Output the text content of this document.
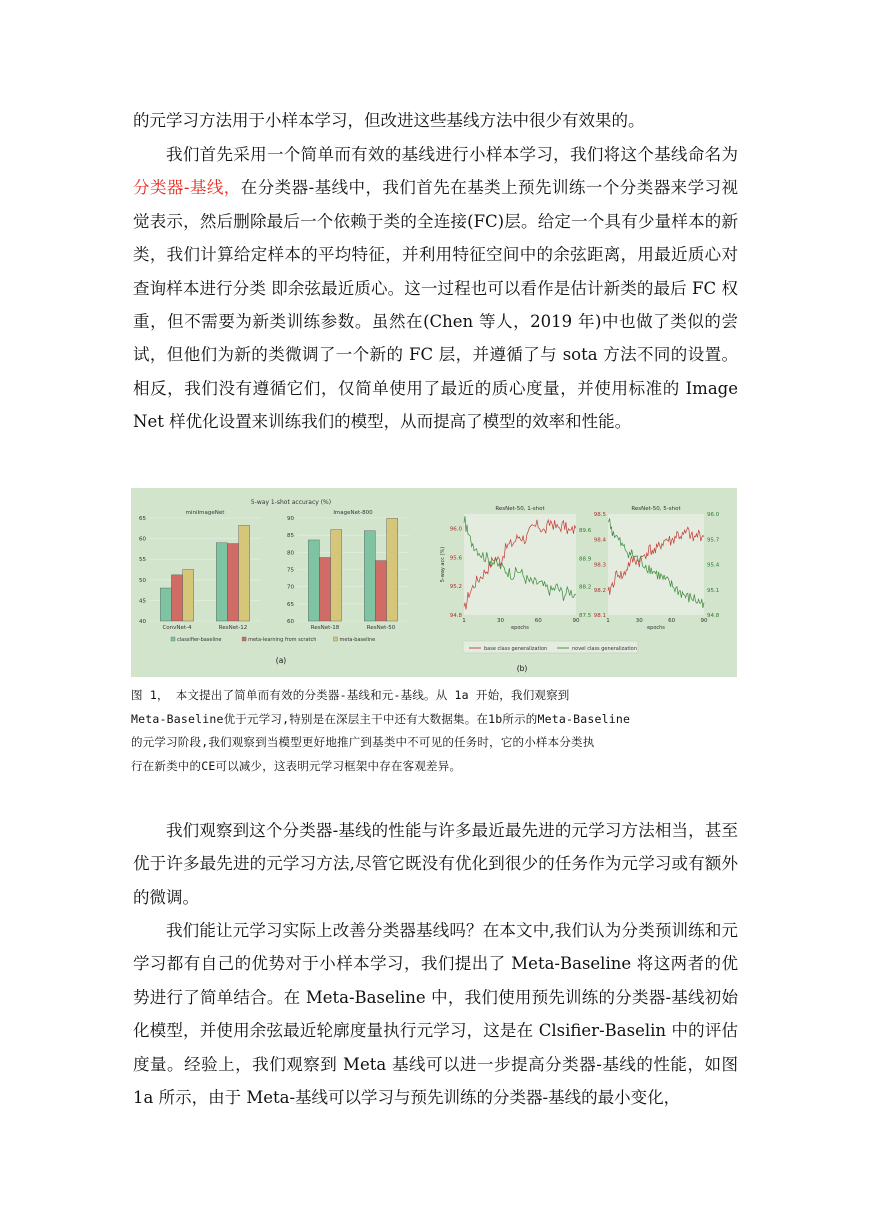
的元学习方法用于小样本学习，但改进这些基线方法中很少有效果的。

我们首先采用一个简单而有效的基线进行小样本学习，我们将这个基线命名为分类器-基线，在分类器-基线中，我们首先在基类上预先训练一个分类器来学习视觉表示，然后删除最后一个依赖于类的全连接(FC)层。给定一个具有少量样本的新类，我们计算给定样本的平均特征，并利用特征空间中的余弦距离，用最近质心对查询样本进行分类 即余弦最近质心。这一过程也可以看作是估计新类的最后 FC 权重，但不需要为新类训练参数。虽然在(Chen 等人，2019 年)中也做了类似的尝试，但他们为新的类微调了一个新的 FC 层，并遵循了与 sota 方法不同的设置。相反，我们没有遵循它们，仅简单使用了最近的质心度量，并使用标准的 Image Net 样优化设置来训练我们的模型，从而提高了模型的效率和性能。

40
45
50
55
60
65
5-way 1-shot accuracy (%)
miniImageNet
ConvNet-4	ResNet-12
60
65
70
75
80
85
90
ImageNet-800
ResNet-18	ResNet-50
classifier-baseline	meta-learning from scratch	meta-baseline
(a)
ResNet-50, 1-shot
1	30	60	90
epochs
94.8
95.2
95.6
96.0
87.5
88.2
88.9
89.6
5-way acc (%)
ResNet-50, 5-shot
1	30	60	90
epochs
98.1
98.2
98.3
98.4
98.5
94.8
95.1
95.4
95.7
96.0
base class generalization	novel class generalization
(b)
图 1， 本文提出了简单而有效的分类器-基线和元-基线。从 1a 开始，我们观察到
Meta-Baseline优于元学习,特别是在深层主干中还有大数据集。在1b所示的Meta-Baseline
的元学习阶段,我们观察到当模型更好地推广到基类中不可见的任务时，它的小样本分类执
行在新类中的CE可以减少，这表明元学习框架中存在客观差异。

我们观察到这个分类器-基线的性能与许多最近最先进的元学习方法相当，甚至优于许多最先进的元学习方法,尽管它既没有优化到很少的任务作为元学习或有额外的微调。

我们能让元学习实际上改善分类器基线吗？在本文中,我们认为分类预训练和元学习都有自己的优势对于小样本学习，我们提出了 Meta-Baseline 将这两者的优势进行了简单结合。在 Meta-Baseline 中，我们使用预先训练的分类器-基线初始化模型，并使用余弦最近轮廓度量执行元学习，这是在 Clsifier-Baselin 中的评估度量。经验上，我们观察到 Meta 基线可以进一步提高分类器-基线的性能，如图 1a 所示，由于 Meta-基线可以学习与预先训练的分类器-基线的最小变化，
